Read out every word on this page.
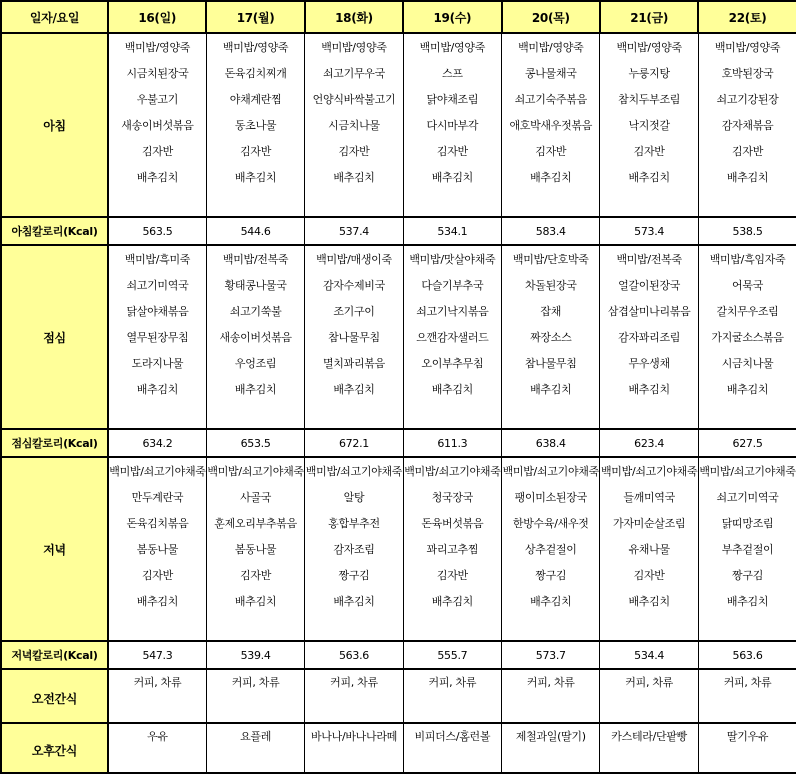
일자/요일	16(일)	17(월)	18(화)	19(수)	20(목)	21(금)	22(토)
아침	백미밥/영양죽	백미밥/영양죽	백미밥/영양죽	백미밥/영양죽	백미밥/영양죽	백미밥/영양죽	백미밥/영양죽
	시금치된장국	돈육김치찌개	쇠고기무우국	스프	콩나물채국	누룽지탕	호박된장국
	우불고기	야채계란찜	언양식바싹불고기	닭야채조림	쇠고기숙주볶음	참치두부조림	쇠고기강된장
	새송이버섯볶음	동초나물	시금치나물	다시마부각	애호박새우젓볶음	낙지젓갈	감자채볶음
	김자반	김자반	김자반	김자반	김자반	김자반	김자반
	배추김치	배추김치	배추김치	배추김치	배추김치	배추김치	배추김치

아침칼로리(Kcal)	563.5	544.6	537.4	534.1	583.4	573.4	538.5
점심	백미밥/흑미죽	백미밥/전복죽	백미밥/매생이죽	백미밥/맛살야채죽	백미밥/단호박죽	백미밥/전복죽	백미밥/흑임자죽
	쇠고기미역국	황태콩나물국	감자수제비국	다슬기부추국	차돌된장국	얼갈이된장국	어묵국
	닭살야채볶음	쇠고기쑥불	조기구이	쇠고기낙지볶음	잡채	삼겹살미나리볶음	갈치무우조림
	열무된장무침	새송이버섯볶음	참나물무침	으깬감자샐러드	짜장소스	감자꽈리조림	가지굴소스볶음
	도라지나물	우엉조림	멸치꽈리볶음	오이부추무침	참나물무침	무우생채	시금치나물
	배추김치	배추김치	배추김치	배추김치	배추김치	배추김치	배추김치

점심칼로리(Kcal)	634.2	653.5	672.1	611.3	638.4	623.4	627.5
저녁	백미밥/쇠고기야채죽	백미밥/쇠고기야채죽	백미밥/쇠고기야채죽	백미밥/쇠고기야채죽	백미밥/쇠고기야채죽	백미밥/쇠고기야채죽	백미밥/쇠고기야채죽
	만두계란국	사골국	알탕	청국장국	팽이미소된장국	들깨미역국	쇠고기미역국
	돈육김치볶음	훈제오리부추볶음	홍합부추전	돈육버섯볶음	한방수육/새우젓	가자미순살조림	닭띠망조림
	봄동나물	봄동나물	감자조림	꽈리고추찜	상추겉절이	유채나물	부추겉절이
	김자반	김자반	짱구김	김자반	짱구김	김자반	짱구김
	배추김치	배추김치	배추김치	배추김치	배추김치	배추김치	배추김치

저녁칼로리(Kcal)	547.3	539.4	563.6	555.7	573.7	534.4	563.6
오전간식	커피, 차류	커피, 차류	커피, 차류	커피, 차류	커피, 차류	커피, 차류	커피, 차류
오후간식	우유	요플레	바나나/바나나라떼	비피더스/홈런볼	제철과일(딸기)	카스테라/단팥빵	딸기우유
